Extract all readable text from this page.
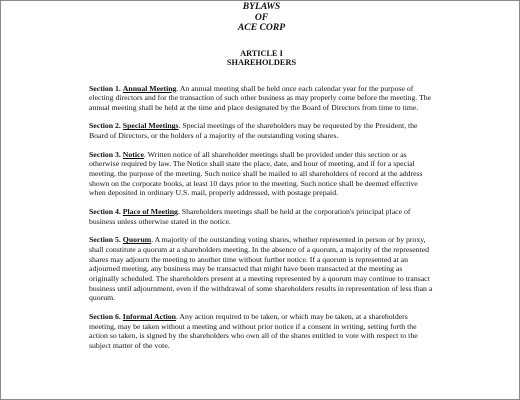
BYLAWS
OF
ACE CORP
ARTICLE I
SHAREHOLDERS

Section 1. Annual Meeting. An annual meeting shall be held once each calendar year for the purpose of electing directors and for the transaction of such other business as may properly come before the meeting. The annual meeting shall be held at the time and place designated by the Board of Directors from time to time.

Section 2. Special Meetings. Special meetings of the shareholders may be requested by the President, the Board of Directors, or the holders of a majority of the outstanding voting shares.

Section 3. Notice. Written notice of all shareholder meetings shall be provided under this section or as otherwise required by law. The Notice shall state the place, date, and hour of meeting, and if for a special meeting, the purpose of the meeting. Such notice shall be mailed to all shareholders of record at the address shown on the corporate books, at least 10 days prior to the meeting. Such notice shall be deemed effective when deposited in ordinary U.S. mail, properly addressed, with postage prepaid.

Section 4. Place of Meeting. Shareholders meetings shall be held at the corporation's principal place of business unless otherwise stated in the notice.

Section 5. Quorum. A majority of the outstanding voting shares, whether represented in person or by proxy, shall constitute a quorum at a shareholders meeting. In the absence of a quorum, a majority of the represented shares may adjourn the meeting to another time without further notice. If a quorum is represented at an adjourned meeting, any business may be transacted that might have been transacted at the meeting as originally scheduled. The shareholders present at a meeting represented by a quorum may continue to transact business until adjournment, even if the withdrawal of some shareholders results in representation of less than a quorum.

Section 6. Informal Action. Any action required to be taken, or which may be taken, at a shareholders meeting, may be taken without a meeting and without prior notice if a consent in writing, setting forth the action so taken, is signed by the shareholders who own all of the shares entitled to vote with respect to the subject matter of the vote.
